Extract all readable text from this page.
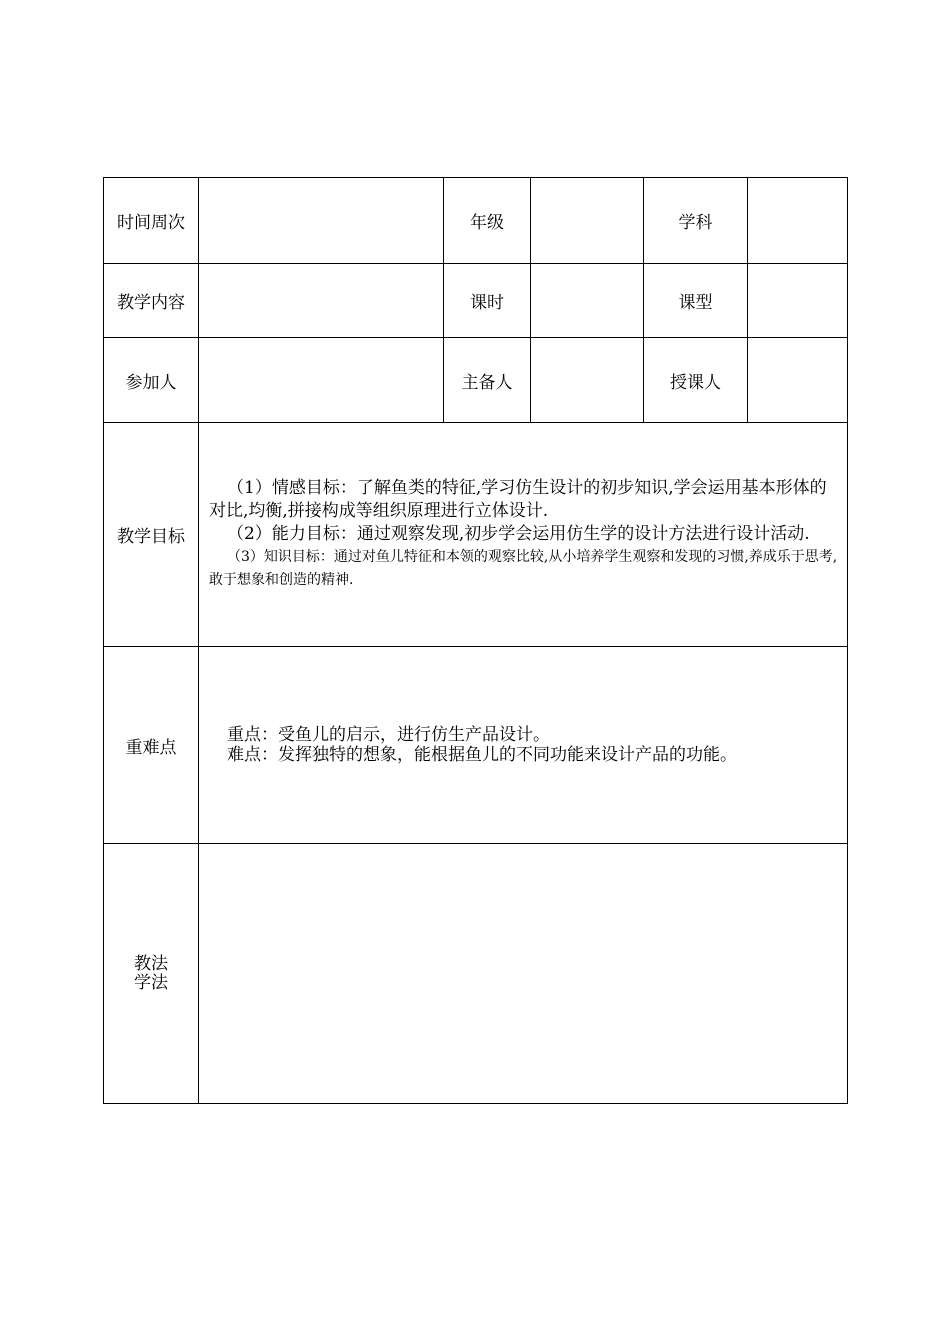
时间周次		年级		学科	
教学内容		课时		课型	
参加人		主备人		授课人	
教学目标	（1）情感目标：了解鱼类的特征,学习仿生设计的初步知识,学会运用基本形体的对比,均衡,拼接构成等组织原理进行立体设计.

（2）能力目标：通过观察发现,初步学会运用仿生学的设计方法进行设计活动.

（3）知识目标：通过对鱼儿特征和本领的观察比较,从小培养学生观察和发现的习惯,养成乐于思考,敢于想象和创造的精神.				

重难点	重点：受鱼儿的启示，进行仿生产品设计。

难点：发挥独特的想象，能根据鱼儿的不同功能来设计产品的功能。				

教法
学法					
